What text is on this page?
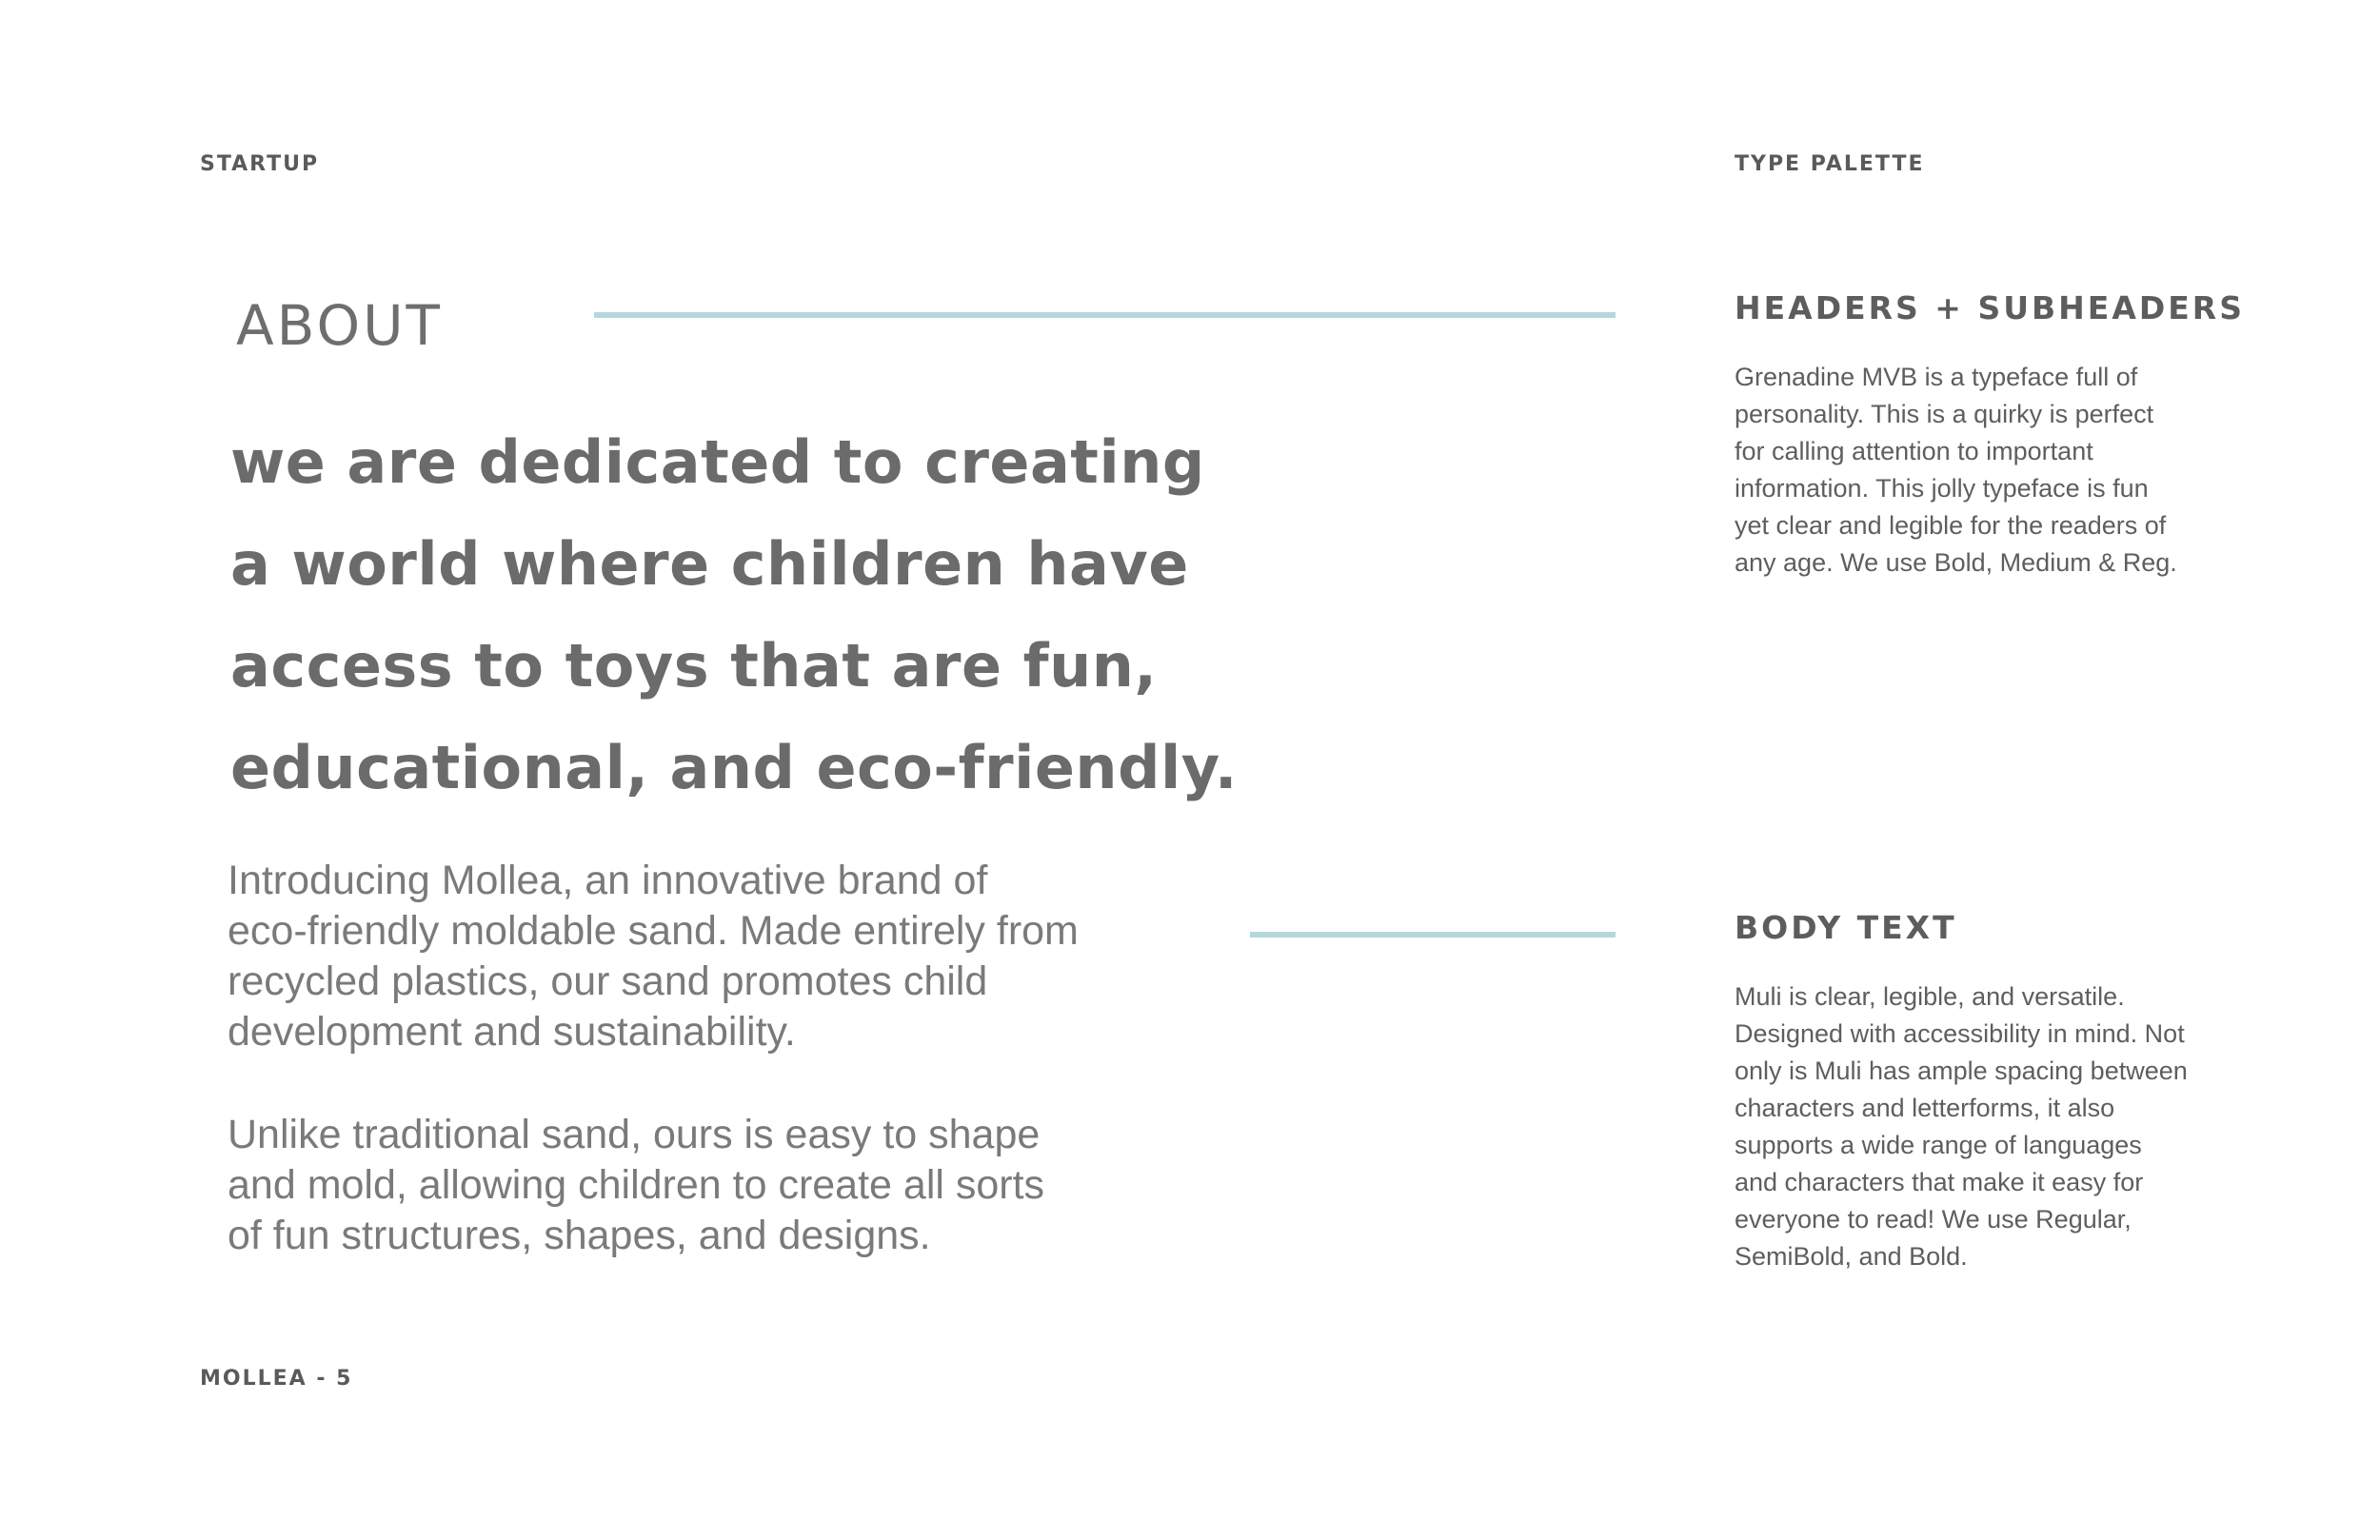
STARTUP	TYPE PALETTE
ABOUT
we are dedicated to creating
a world where children have
access to toys that are fun,
educational, and eco-friendly.
Introducing Mollea, an innovative brand of
eco-friendly moldable sand. Made entirely from
recycled plastics, our sand promotes child
development and sustainability.
Unlike traditional sand, ours is easy to shape
and mold, allowing children to create all sorts
of fun structures, shapes, and designs.
HEADERS + SUBHEADERS
Grenadine MVB is a typeface full of
personality. This is a quirky is perfect
for calling attention to important
information. This jolly typeface is fun
yet clear and legible for the readers of
any age. We use Bold, Medium & Reg.
BODY TEXT
Muli is clear, legible, and versatile.
Designed with accessibility in mind. Not
only is Muli has ample spacing between
characters and letterforms, it also
supports a wide range of languages
and characters that make it easy for
everyone to read! We use Regular,
SemiBold, and Bold.
MOLLEA - 5
